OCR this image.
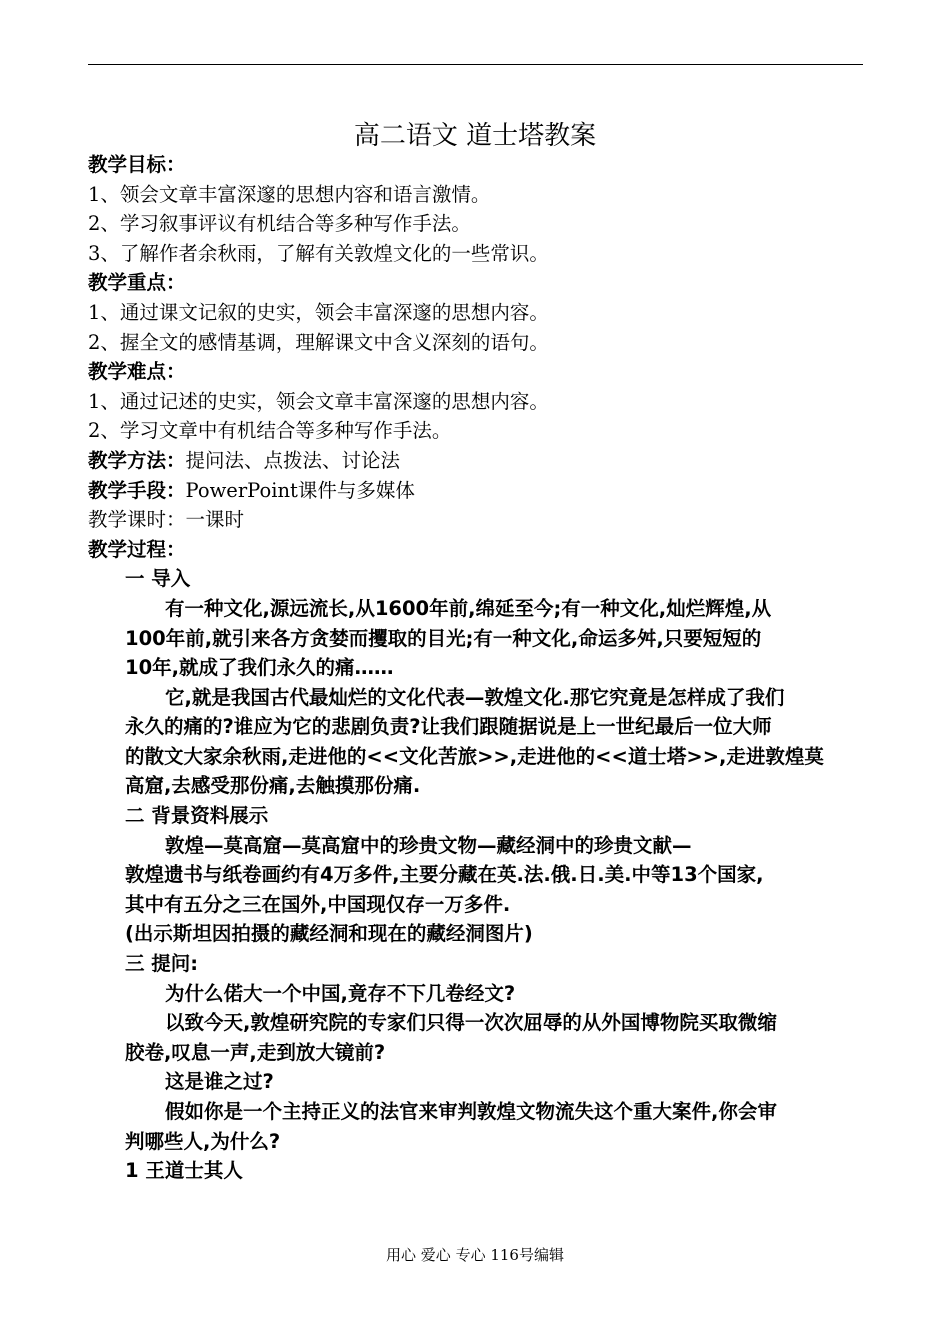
高二语文 道士塔教案
教学目标：
1、领会文章丰富深邃的思想内容和语言激情。
2、学习叙事评议有机结合等多种写作手法。
3、了解作者余秋雨，了解有关敦煌文化的一些常识。
教学重点：
1、通过课文记叙的史实，领会丰富深邃的思想内容。
2、握全文的感情基调，理解课文中含义深刻的语句。
教学难点：
1、通过记述的史实，领会文章丰富深邃的思想内容。
2、学习文章中有机结合等多种写作手法。
教学方法：提问法、点拨法、讨论法
教学手段：PowerPoint课件与多媒体
教学课时：一课时
教学过程：
一 导入
有一种文化,源远流长,从1600年前,绵延至今;有一种文化,灿烂辉煌,从
100年前,就引来各方贪婪而攫取的目光;有一种文化,命运多舛,只要短短的
10年,就成了我们永久的痛……
它,就是我国古代最灿烂的文化代表—敦煌文化.那它究竟是怎样成了我们
永久的痛的?谁应为它的悲剧负责?让我们跟随据说是上一世纪最后一位大师
的散文大家余秋雨,走进他的<<文化苦旅>>,走进他的<<道士塔>>,走进敦煌莫
高窟,去感受那份痛,去触摸那份痛.
二 背景资料展示
敦煌—莫高窟—莫高窟中的珍贵文物—藏经洞中的珍贵文献—
敦煌遗书与纸卷画约有4万多件,主要分藏在英.法.俄.日.美.中等13个国家,
其中有五分之三在国外,中国现仅存一万多件.
(出示斯坦因拍摄的藏经洞和现在的藏经洞图片)
三 提问:
为什么偌大一个中国,竟存不下几卷经文?
以致今天,敦煌研究院的专家们只得一次次屈辱的从外国博物院买取微缩
胶卷,叹息一声,走到放大镜前?
这是谁之过?
假如你是一个主持正义的法官来审判敦煌文物流失这个重大案件,你会审
判哪些人,为什么?
1 王道士其人
用心 爱心 专心 116号编辑
